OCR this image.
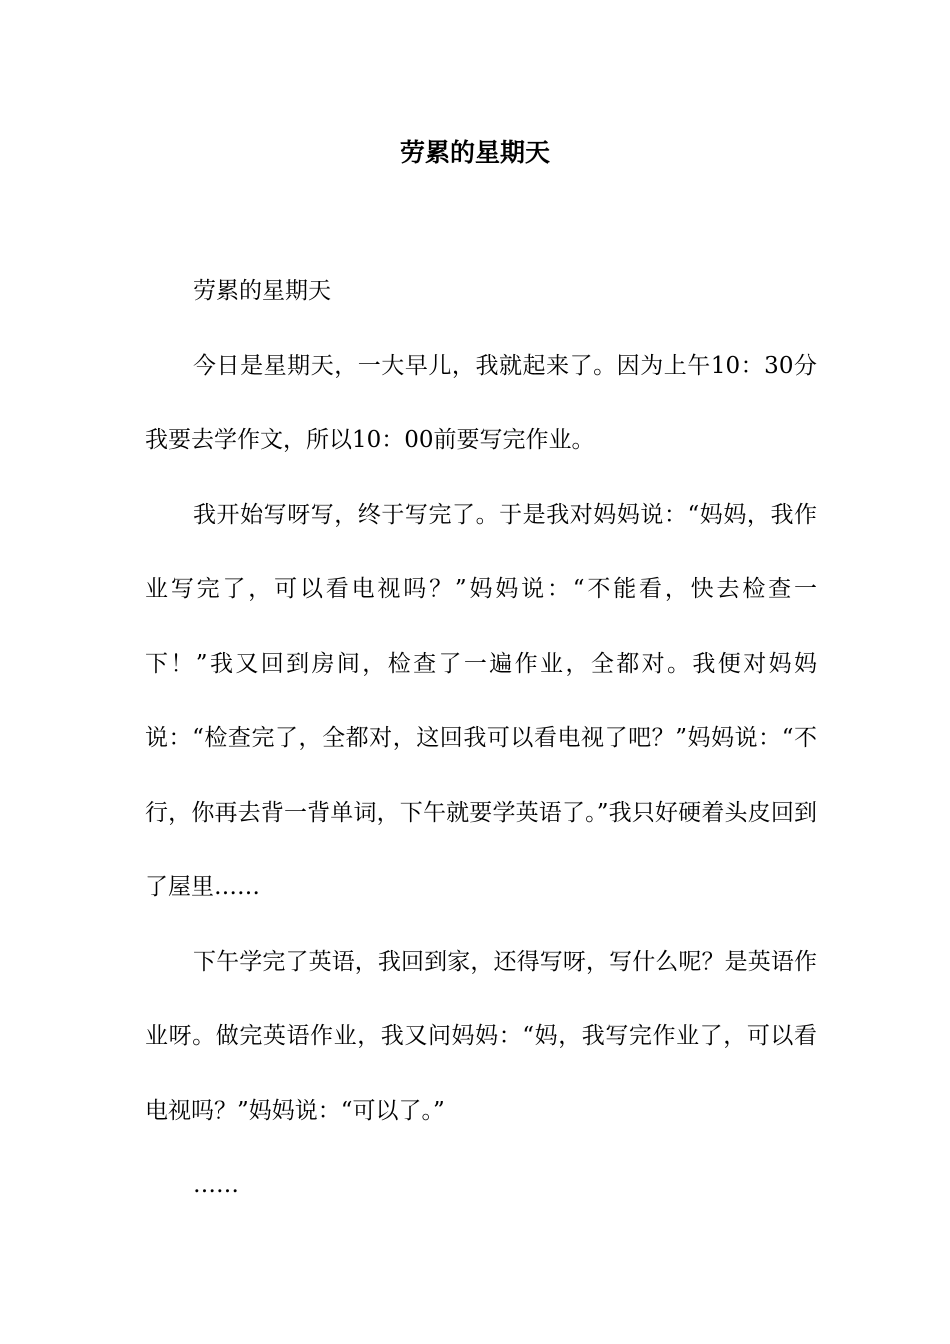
劳累的星期天

劳累的星期天

今日是星期天，一大早儿，我就起来了。因为上午10：30分我要去学作文，所以10：00前要写完作业。

我开始写呀写，终于写完了。于是我对妈妈说：“妈妈，我作业写完了，可以看电视吗？”妈妈说：“不能看，快去检查一下！”我又回到房间，检查了一遍作业，全都对。我便对妈妈说：“检查完了，全都对，这回我可以看电视了吧？”妈妈说：“不行，你再去背一背单词，下午就要学英语了。”我只好硬着头皮回到了屋里……

下午学完了英语，我回到家，还得写呀，写什么呢？是英语作业呀。做完英语作业，我又问妈妈：“妈，我写完作业了，可以看电视吗？”妈妈说：“可以了。”

……
